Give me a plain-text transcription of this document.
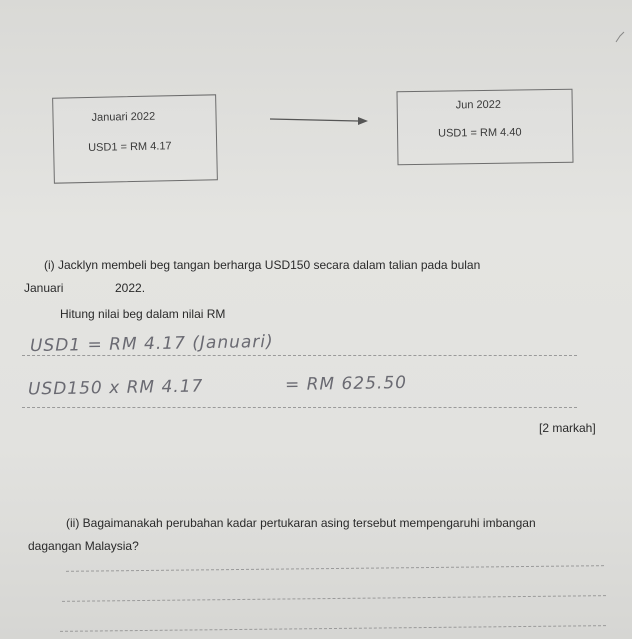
Januari 2022
USD1 = RM 4.17
Jun 2022
USD1 = RM 4.40
(i) Jacklyn membeli beg tangan berharga USD150 secara dalam talian pada bulan
Januari	2022.
Hitung nilai beg dalam nilai RM
USD1 = RM 4.17 (Januari)
USD150 x RM 4.17	= RM 625.50
[2 markah]
(ii) Bagaimanakah perubahan kadar pertukaran asing tersebut mempengaruhi imbangan
dagangan Malaysia?
